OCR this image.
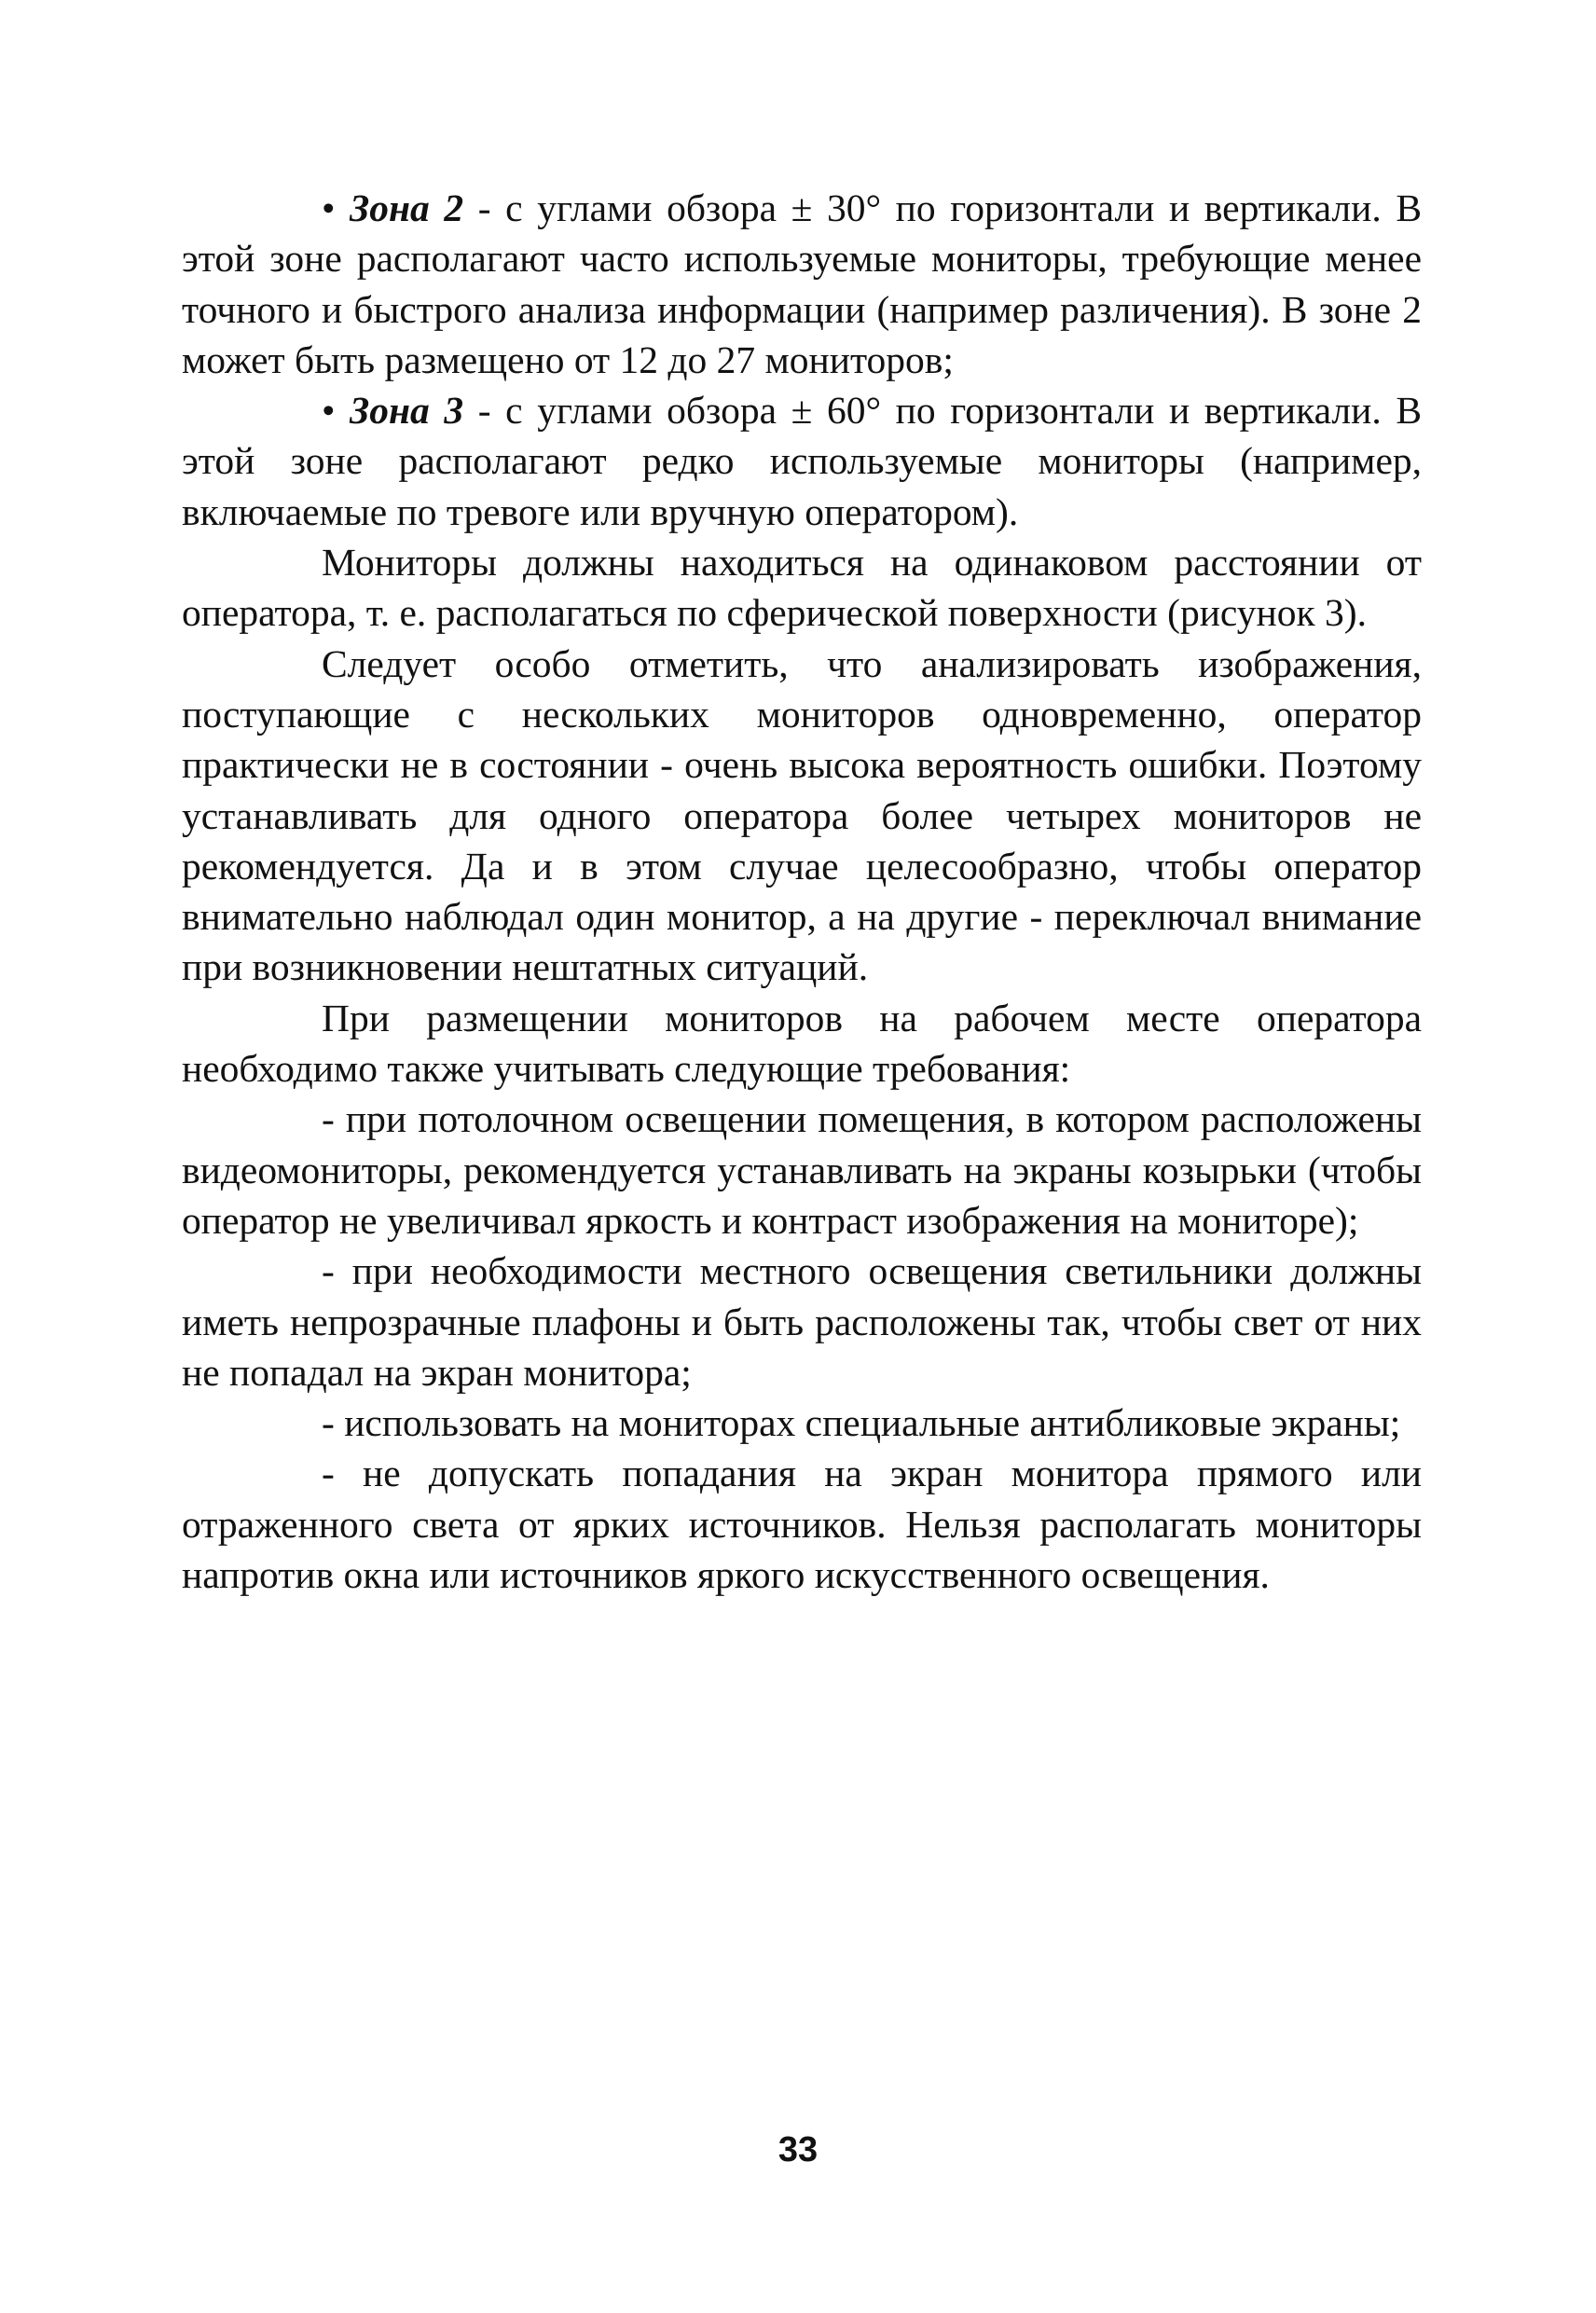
• Зона 2 - с углами обзора ± 30° по горизонтали и вертикали. В этой зоне располагают часто используемые мониторы, требующие менее точного и быстрого анализа информации (например различения). В зоне 2 может быть размещено от 12 до 27 мониторов;

• Зона 3 - с углами обзора ± 60° по горизонтали и вертикали. В этой зоне располагают редко используемые мониторы (например, включаемые по тревоге или вручную оператором).

Мониторы должны находиться на одинаковом расстоянии от оператора, т. е. располагаться по сферической поверхности (рисунок 3).

Следует особо отметить, что анализировать изображения, поступающие с нескольких мониторов одновременно, оператор практически не в состоянии - очень высока вероятность ошибки. Поэтому устанавливать для одного оператора более четырех мониторов не рекомендуется. Да и в этом случае целесообразно, чтобы оператор внимательно наблюдал один монитор, а на другие - переключал внимание при возникновении нештатных ситуаций.

При размещении мониторов на рабочем месте оператора необходимо также учитывать следующие требования:

- при потолочном освещении помещения, в котором расположены видеомониторы, рекомендуется устанавливать на экраны козырьки (чтобы оператор не увеличивал яркость и контраст изображения на мониторе);

- при необходимости местного освещения светильники должны иметь непрозрачные плафоны и быть расположены так, чтобы свет от них не попадал на экран монитора;

- использовать на мониторах специальные антибликовые экраны;

- не допускать попадания на экран монитора прямого или отраженного света от ярких источников. Нельзя располагать мониторы напротив окна или источников яркого искусственного освещения.

33
